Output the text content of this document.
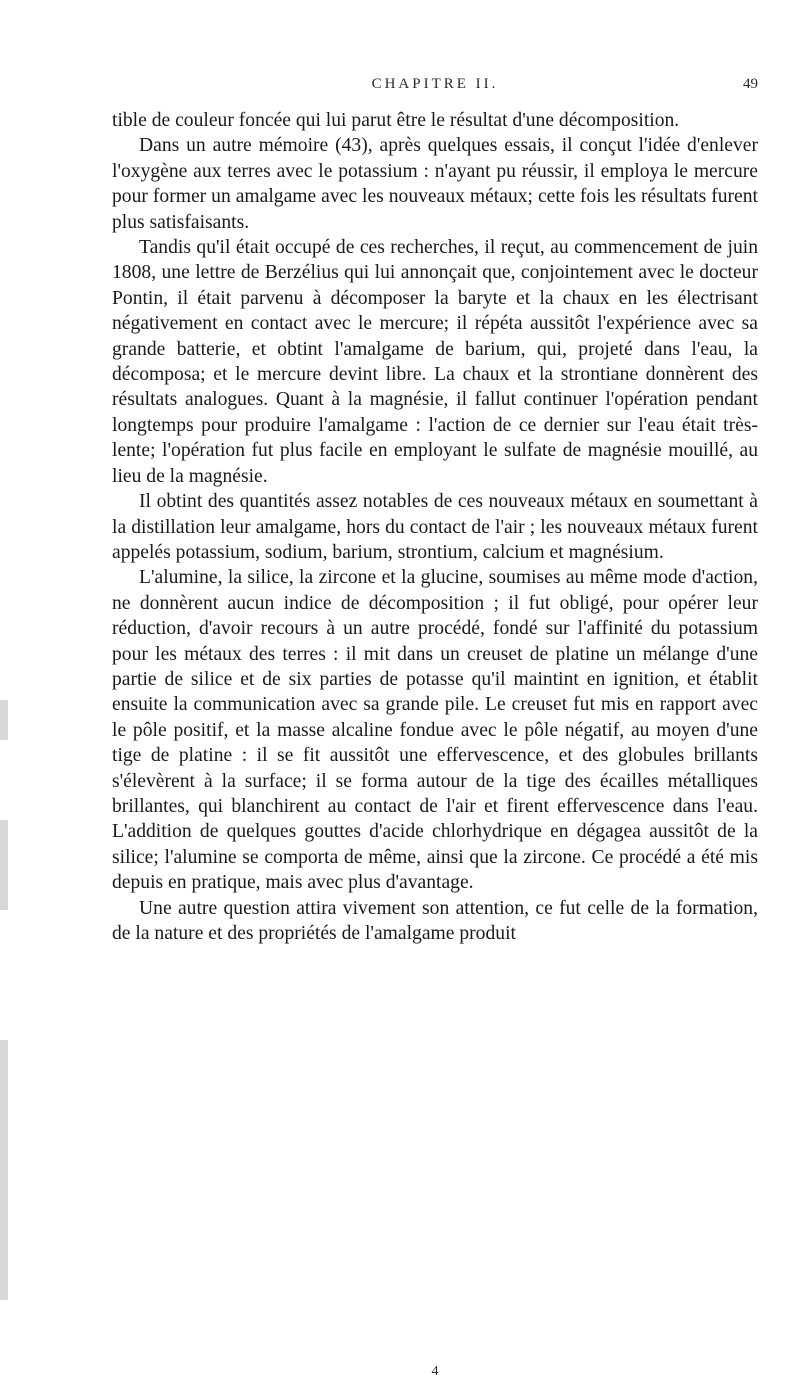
CHAPITRE II.	49

tible de couleur foncée qui lui parut être le résultat d'une décomposition.

Dans un autre mémoire (43), après quelques essais, il conçut l'idée d'enlever l'oxygène aux terres avec le potassium : n'ayant pu réussir, il employa le mercure pour former un amalgame avec les nouveaux métaux; cette fois les résultats furent plus satisfaisants.

Tandis qu'il était occupé de ces recherches, il reçut, au commencement de juin 1808, une lettre de Berzélius qui lui annonçait que, conjointement avec le docteur Pontin, il était parvenu à décomposer la baryte et la chaux en les électrisant négativement en contact avec le mercure; il répéta aussitôt l'expérience avec sa grande batterie, et obtint l'amalgame de barium, qui, projeté dans l'eau, la décomposa; et le mercure devint libre. La chaux et la strontiane donnèrent des résultats analogues. Quant à la magnésie, il fallut continuer l'opération pendant longtemps pour produire l'amalgame : l'action de ce dernier sur l'eau était très-lente; l'opération fut plus facile en employant le sulfate de magnésie mouillé, au lieu de la magnésie.

Il obtint des quantités assez notables de ces nouveaux métaux en soumettant à la distillation leur amalgame, hors du contact de l'air ; les nouveaux métaux furent appelés potassium, sodium, barium, strontium, calcium et magnésium.

L'alumine, la silice, la zircone et la glucine, soumises au même mode d'action, ne donnèrent aucun indice de décomposition ; il fut obligé, pour opérer leur réduction, d'avoir recours à un autre procédé, fondé sur l'affinité du potassium pour les métaux des terres : il mit dans un creuset de platine un mélange d'une partie de silice et de six parties de potasse qu'il maintint en ignition, et établit ensuite la communication avec sa grande pile. Le creuset fut mis en rapport avec le pôle positif, et la masse alcaline fondue avec le pôle négatif, au moyen d'une tige de platine : il se fit aussitôt une effervescence, et des globules brillants s'élevèrent à la surface; il se forma autour de la tige des écailles métalliques brillantes, qui blanchirent au contact de l'air et firent effervescence dans l'eau. L'addition de quelques gouttes d'acide chlorhydrique en dégagea aussitôt de la silice; l'alumine se comporta de même, ainsi que la zircone. Ce procédé a été mis depuis en pratique, mais avec plus d'avantage.

Une autre question attira vivement son attention, ce fut celle de la formation, de la nature et des propriétés de l'amalgame produit

4
